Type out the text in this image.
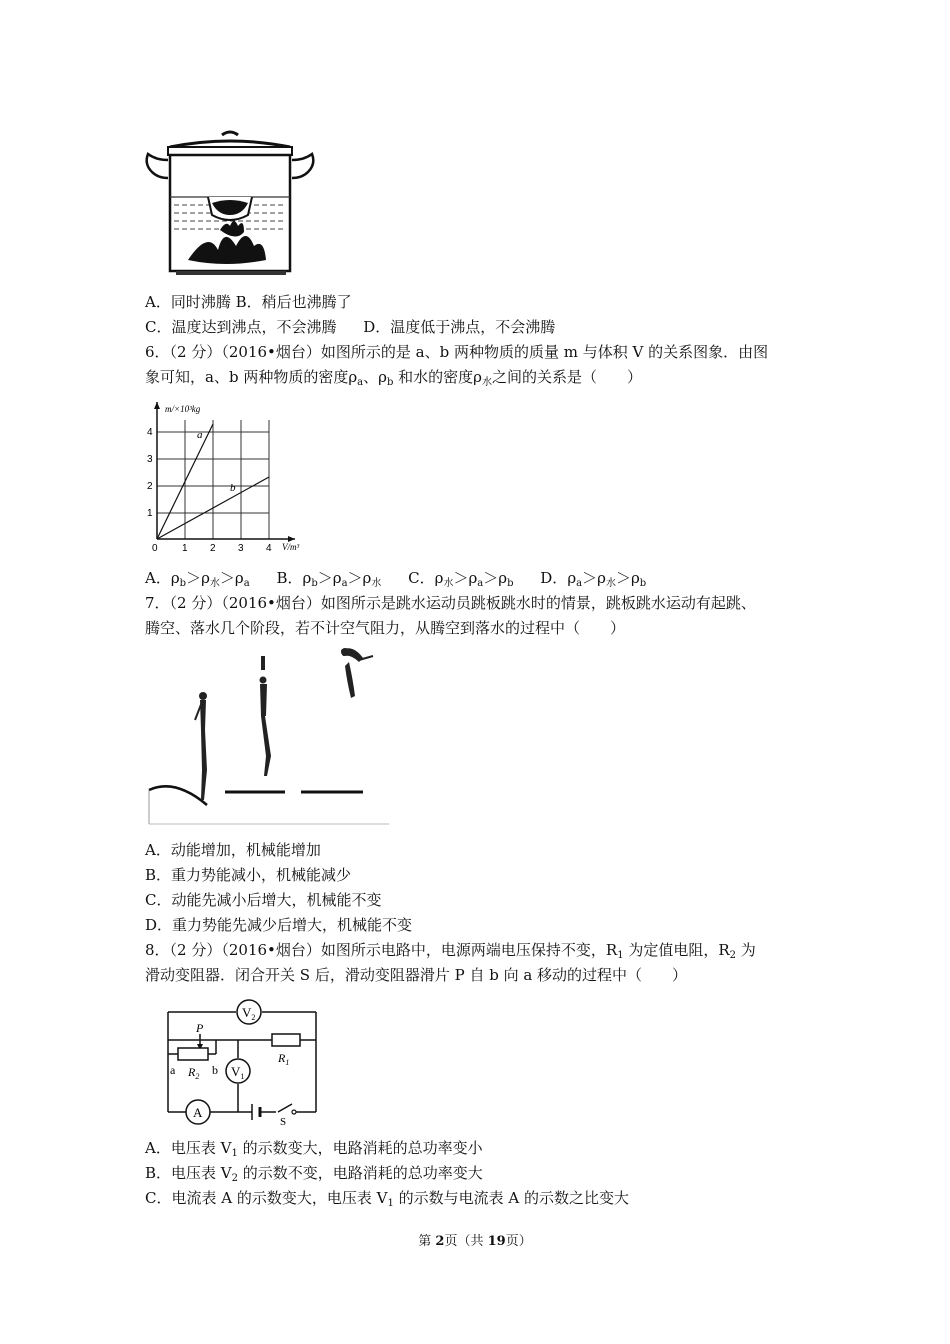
A．同时沸腾 B．稍后也沸腾了
C．温度达到沸点，不会沸腾 D．温度低于沸点，不会沸腾
6．（2 分）（2016•烟台）如图所示的是 a、b 两种物质的质量 m 与体积 V 的关系图象．由图
象可知，a、b 两种物质的密度$\rho_a$、$\rho_b$ 和水的密度$\rho_水$之间的关系是（　　）
a
b
m/×10³kg
V/m³
0
1
2
3
4
1 2 3 4
A．$\rho_b>\rho_水>\rho_a$ B．$\rho_b>\rho_a>\rho_水$ C．$\rho_水>\rho_a>\rho_b$ D．$\rho_a>\rho_水>\rho_b$
7．（2 分）（2016•烟台）如图所示是跳水运动员跳板跳水时的情景，跳板跳水运动有起跳、
腾空、落水几个阶段，若不计空气阻力，从腾空到落水的过程中（　　）
A．动能增加，机械能增加
B．重力势能减小，机械能减少
C．动能先减小后增大，机械能不变
D．重力势能先减少后增大，机械能不变
8．（2 分）（2016•烟台）如图所示电路中，电源两端电压保持不变，$R_1$ 为定值电阻，$R_2$ 为
滑动变阻器．闭合开关 S 后，滑动变阻器滑片 P 自 b 向 a 移动的过程中（　　）
$V_2$
$V_1$
A
$R_1$
$R_2$
P
a	b
S
A．电压表 $V_1$ 的示数变大，电路消耗的总功率变小
B．电压表 $V_2$ 的示数不变，电路消耗的总功率变大
C．电流表 A 的示数变大，电压表 $V_1$ 的示数与电流表 A 的示数之比变大
第 2页（共 19页）
